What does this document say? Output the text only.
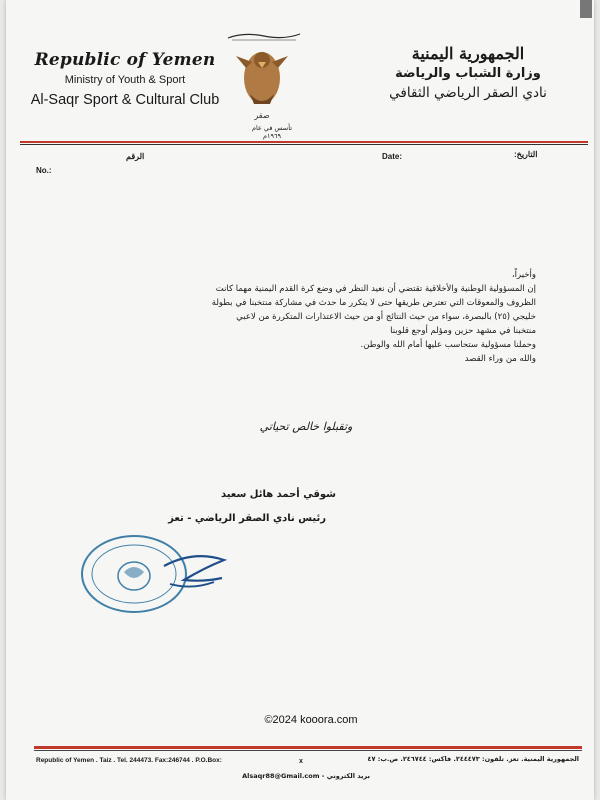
Republic of Yemen
Ministry of Youth & Sport
Al-Saqr Sport & Cultural Club
صقر
تأسس في عام ١٩٦٩م
الجمهورية اليمنية
وزارة الشباب والرياضة
نادي الصقر الرياضي الثقافي
Date:	التاريخ:
الرقم
No.:
وأخيراً،
إن المسؤولية الوطنية والأخلاقية تقتضي أن نعيد النظر في وضع كرة القدم اليمنية مهما كانت
الظروف والمعوقات التي تعترض طريقها حتى لا يتكرر ما حدث في مشاركة منتخبنا في بطولة
خليجي (٢٥) بالبصرة، سواء من حيث النتائج أو من حيث الاعتذارات المتكررة من لاعبي
منتخبنا في مشهد حزين ومؤلم أوجع قلوبنا
وحملنا مسؤولية ستحاسب عليها أمام الله والوطن.
والله من وراء القصد
وتقبلوا خالص تحياتي
شوقي أحمد هائل سعيد
رئيس نادي الصقر الرياضي - تعز
©2024 kooora.com
Republic of Yemen . Taiz . Tel. 244473. Fax:246744 . P.O.Box:	x	الجمهورية اليمنية. تعز. تلفون: ٢٤٤٤٧٣. فاكس: ٢٤٦٧٤٤. ص.ب: ٤٧
Alsaqr88@Gmail.com - بريد الكتروني
